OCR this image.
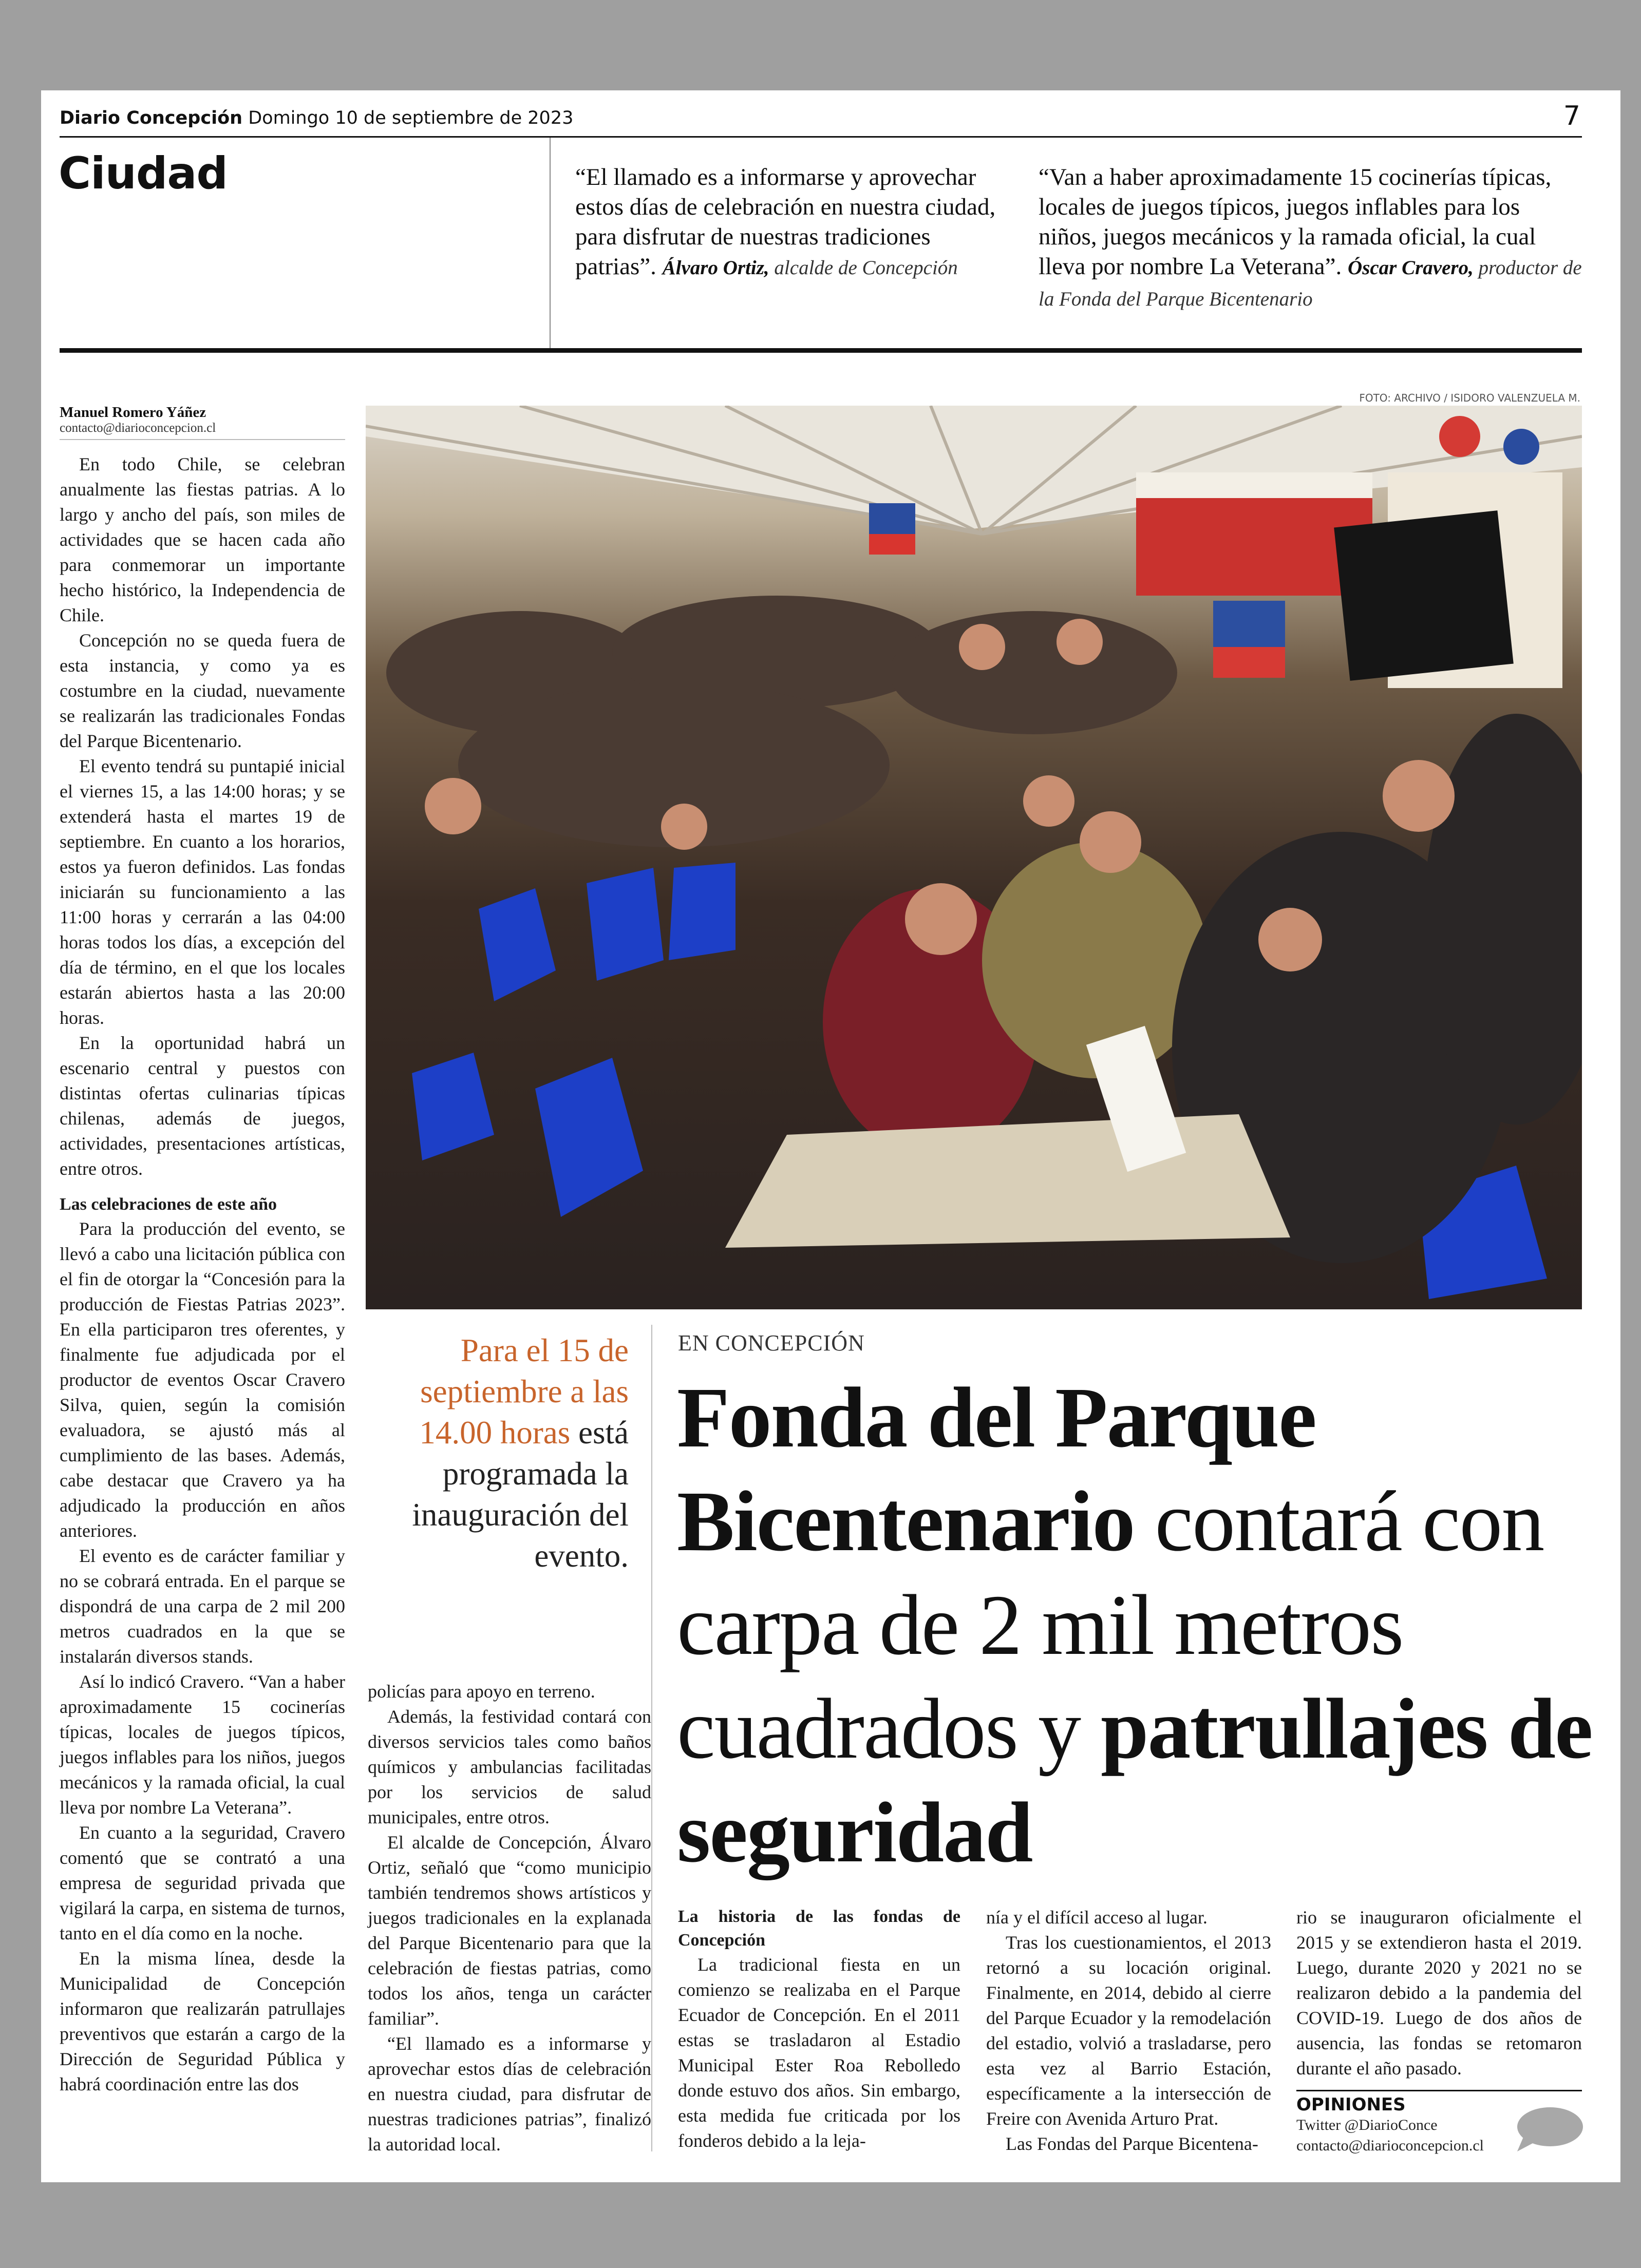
Diario Concepción Domingo 10 de septiembre de 2023	7
Ciudad	“El llamado es a informarse y aprovechar estos días de celebración en nuestra ciudad, para disfrutar de nuestras tradiciones patrias”. Álvaro Ortiz, alcalde de Concepción
“Van a haber aproximadamente 15 cocinerías típicas, locales de juegos típicos, juegos inflables para los niños, juegos mecánicos y la ramada oficial, la cual lleva por nombre La Veterana”. Óscar Cravero, productor de la Fonda del Parque Bicentenario
FOTO: ARCHIVO / ISIDORO VALENZUELA M.
Manuel Romero Yáñez
contacto@diarioconcepcion.cl

En todo Chile, se celebran anualmente las fiestas patrias. A lo largo y ancho del país, son miles de actividades que se hacen cada año para conmemorar un importante hecho histórico, la Independencia de Chile.

Concepción no se queda fuera de esta instancia, y como ya es costumbre en la ciudad, nuevamente se realizarán las tradicionales Fondas del Parque Bicentenario.

El evento tendrá su puntapié inicial el viernes 15, a las 14:00 horas; y se extenderá hasta el martes 19 de septiembre. En cuanto a los horarios, estos ya fueron definidos. Las fondas iniciarán su funcionamiento a las 11:00 horas y cerrarán a las 04:00 horas todos los días, a excepción del día de término, en el que los locales estarán abiertos hasta a las 20:00 horas.

En la oportunidad habrá un escenario central y puestos con distintas ofertas culinarias típicas chilenas, además de juegos, actividades, presentaciones artísticas, entre otros.

Las celebraciones de este año

Para la producción del evento, se llevó a cabo una licitación pública con el fin de otorgar la “Concesión para la producción de Fiestas Patrias 2023”. En ella participaron tres oferentes, y finalmente fue adjudicada por el productor de eventos Oscar Cravero Silva, quien, según la comisión evaluadora, se ajustó más al cumplimiento de las bases. Además, cabe destacar que Cravero ya ha adjudicado la producción en años anteriores.

El evento es de carácter familiar y no se cobrará entrada. En el parque se dispondrá de una carpa de 2 mil 200 metros cuadrados en la que se instalarán diversos stands.

Así lo indicó Cravero. “Van a haber aproximadamente 15 cocinerías típicas, locales de juegos típicos, juegos inflables para los niños, juegos mecánicos y la ramada oficial, la cual lleva por nombre La Veterana”.

En cuanto a la seguridad, Cravero comentó que se contrató a una empresa de seguridad privada que vigilará la carpa, en sistema de turnos, tanto en el día como en la noche.

En la misma línea, desde la Municipalidad de Concepción informaron que realizarán patrullajes preventivos que estarán a cargo de la Dirección de Seguridad Pública y habrá coordinación entre las dos

Para el 15 de septiembre a las 14.00 horas está programada la inauguración del evento.

policías para apoyo en terreno.

Además, la festividad contará con diversos servicios tales como baños químicos y ambulancias facilitadas por los servicios de salud municipales, entre otros.

El alcalde de Concepción, Álvaro Ortiz, señaló que “como municipio también tendremos shows artísticos y juegos tradicionales en la explanada del Parque Bicentenario para que la celebración de fiestas patrias, como todos los años, tenga un carácter familiar”.

“El llamado es a informarse y aprovechar estos días de celebración en nuestra ciudad, para disfrutar de nuestras tradiciones patrias”, finalizó la autoridad local.

EN CONCEPCIÓN
Fonda del Parque Bicentenario contará con carpa de 2 mil metros cuadrados y patrullajes de seguridad
La historia de las fondas de Concepción

La tradicional fiesta en un comienzo se realizaba en el Parque Ecuador de Concepción. En el 2011 estas se trasladaron al Estadio Municipal Ester Roa Rebolledo donde estuvo dos años. Sin embargo, esta medida fue criticada por los fonderos debido a la leja-

nía y el difícil acceso al lugar.

Tras los cuestionamientos, el 2013 retornó a su locación original. Finalmente, en 2014, debido al cierre del Parque Ecuador y la remodelación del estadio, volvió a trasladarse, pero esta vez al Barrio Estación, específicamente a la intersección de Freire con Avenida Arturo Prat.

Las Fondas del Parque Bicentena-

rio se inauguraron oficialmente el 2015 y se extendieron hasta el 2019. Luego, durante 2020 y 2021 no se realizaron debido a la pandemia del COVID-19. Luego de dos años de ausencia, las fondas se retomaron durante el año pasado.

OPINIONES
Twitter @DiarioConce
contacto@diarioconcepcion.cl
